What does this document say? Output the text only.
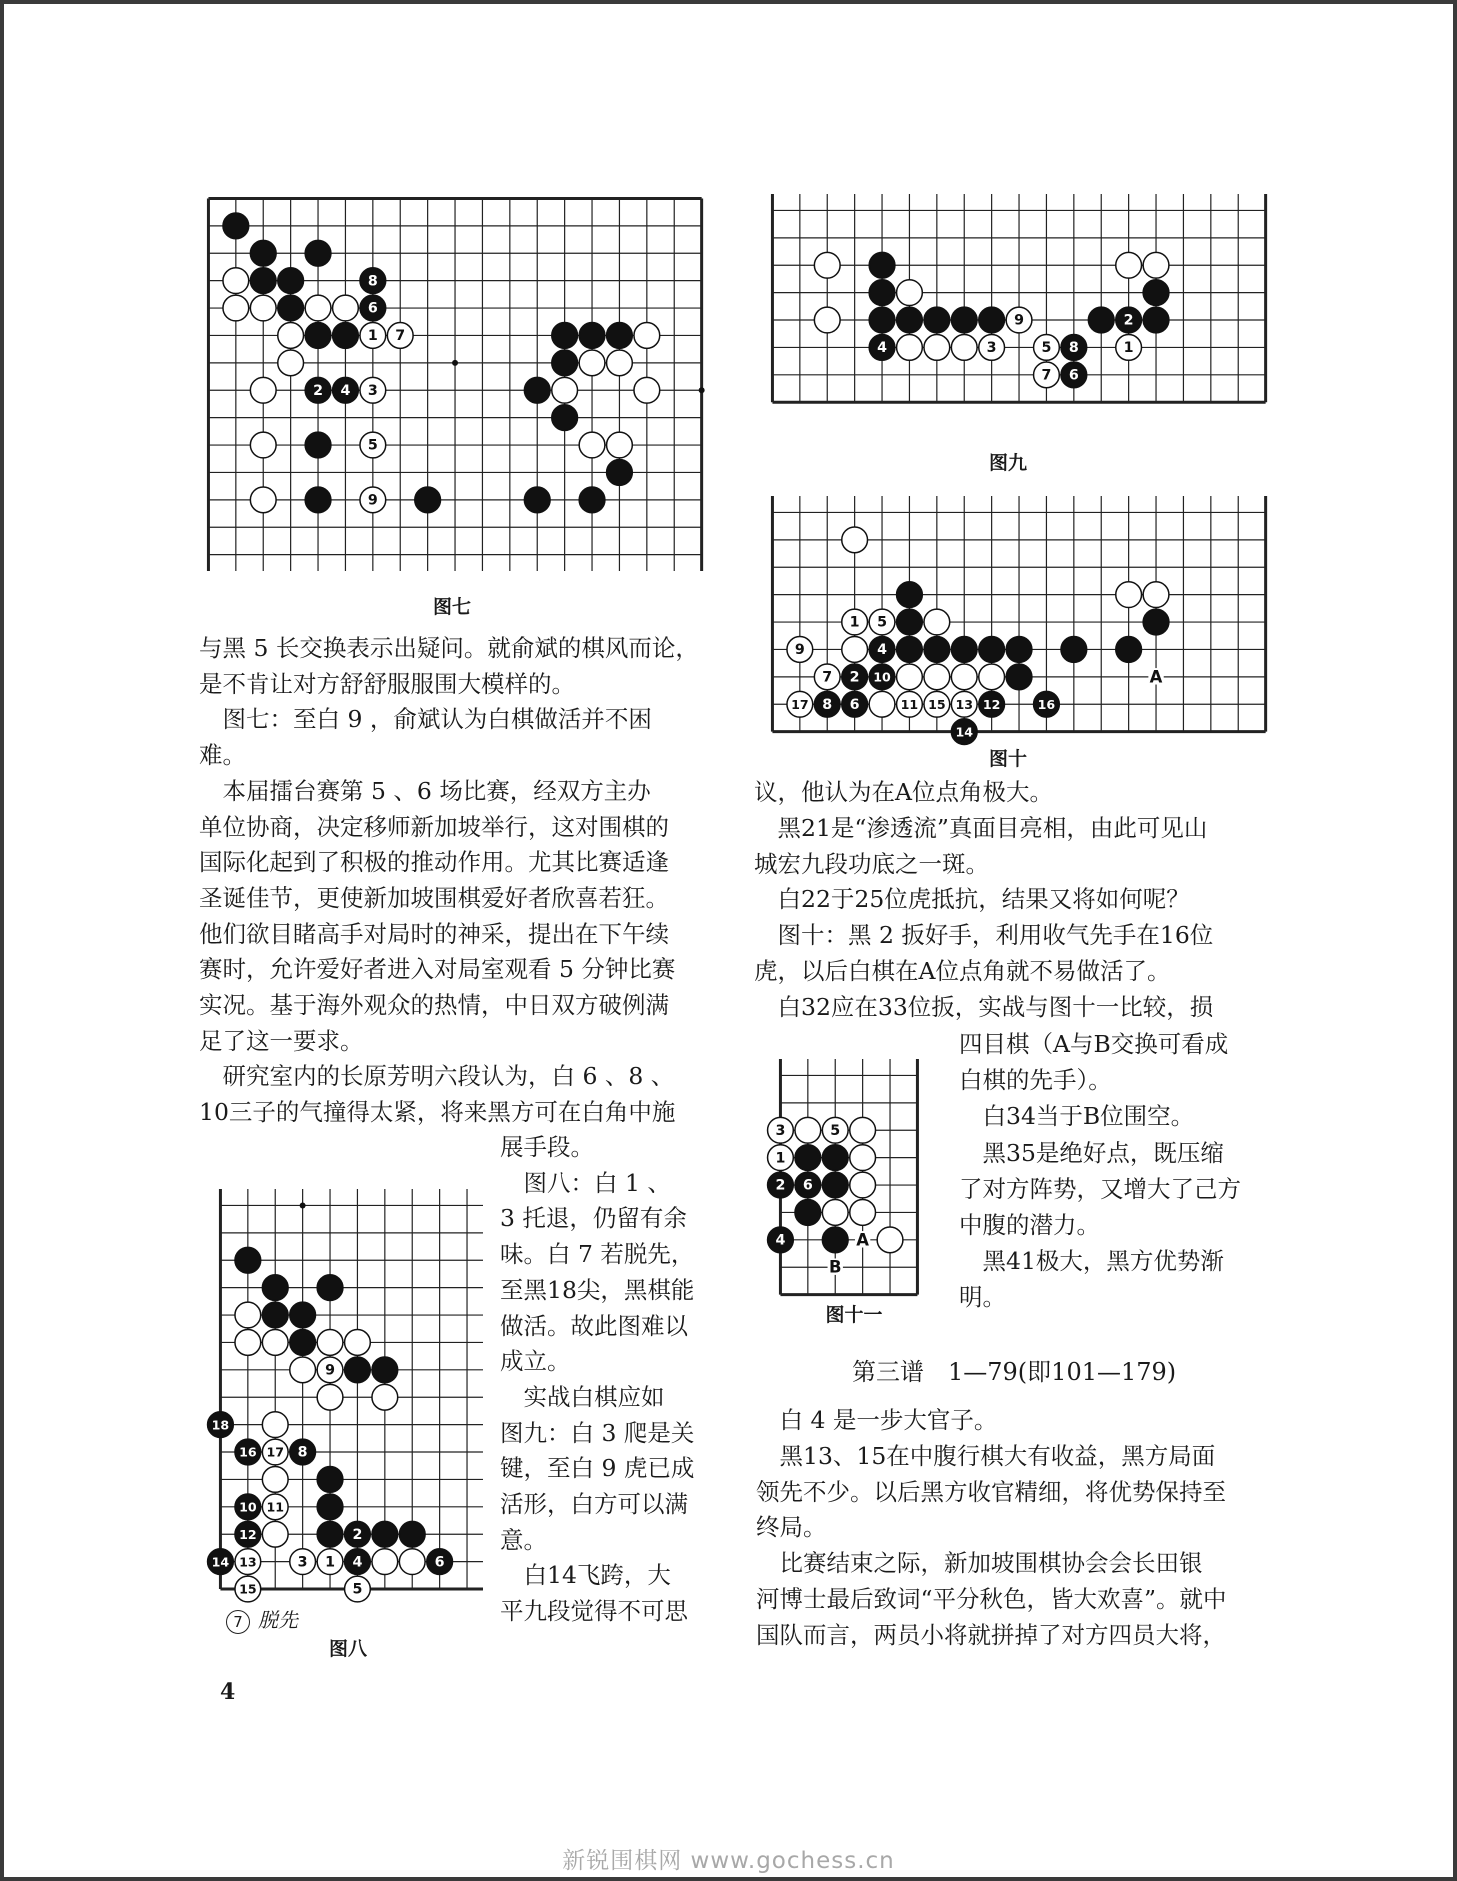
1 7
2 4 3
5
9
8
6
图七
9
18
16 17 8
10 11
12	2
14 13	3 1 4	6
15	5
7 脱先
图八
9	2
4	3	5 8	1
7 6
图九
1 5
9	4
7 2 10
17 8 6	11 15 13 12	16
14
A
图十
3	5
1
2 6
4	A
B
图十一
与黑 5 长交换表示出疑问。就俞斌的棋风而论，
是不肯让对方舒舒服服围大模样的。
　图七：至白 9 ，俞斌认为白棋做活并不困
难。
　本届擂台赛第 5 、6 场比赛，经双方主办
单位协商，决定移师新加坡举行，这对围棋的
国际化起到了积极的推动作用。尤其比赛适逢
圣诞佳节，更使新加坡围棋爱好者欣喜若狂。
他们欲目睹高手对局时的神采，提出在下午续
赛时，允许爱好者进入对局室观看 5 分钟比赛
实况。基于海外观众的热情，中日双方破例满
足了这一要求。
　研究室内的长原芳明六段认为，白 6 、8 、
10三子的气撞得太紧，将来黑方可在白角中施
展手段。
　图八：白 1 、
3 托退，仍留有余
味。白 7 若脱先，
至黑18尖，黑棋能
做活。故此图难以
成立。
　实战白棋应如
图九：白 3 爬是关
键，至白 9 虎已成
活形，白方可以满
意。
　白14飞跨，大
平九段觉得不可思
议，他认为在A位点角极大。
　黑21是“渗透流”真面目亮相，由此可见山
城宏九段功底之一斑。
　白22于25位虎抵抗，结果又将如何呢？
　图十：黑 2 扳好手，利用收气先手在16位
虎，以后白棋在A位点角就不易做活了。
　白32应在33位扳，实战与图十一比较，损
四目棋（A与B交换可看成
白棋的先手）。
　白34当于B位围空。
　黑35是绝好点，既压缩
了对方阵势，又增大了己方
中腹的潜力。
　黑41极大，黑方优势渐
明。
第三谱　1—79(即101—179)
　白 4 是一步大官子。
　黑13、15在中腹行棋大有收益，黑方局面
领先不少。以后黑方收官精细，将优势保持至
终局。
　比赛结束之际，新加坡围棋协会会长田银
河博士最后致词“平分秋色，皆大欢喜”。就中
国队而言，两员小将就拼掉了对方四员大将，
4
新锐围棋网 www.gochess.cn
